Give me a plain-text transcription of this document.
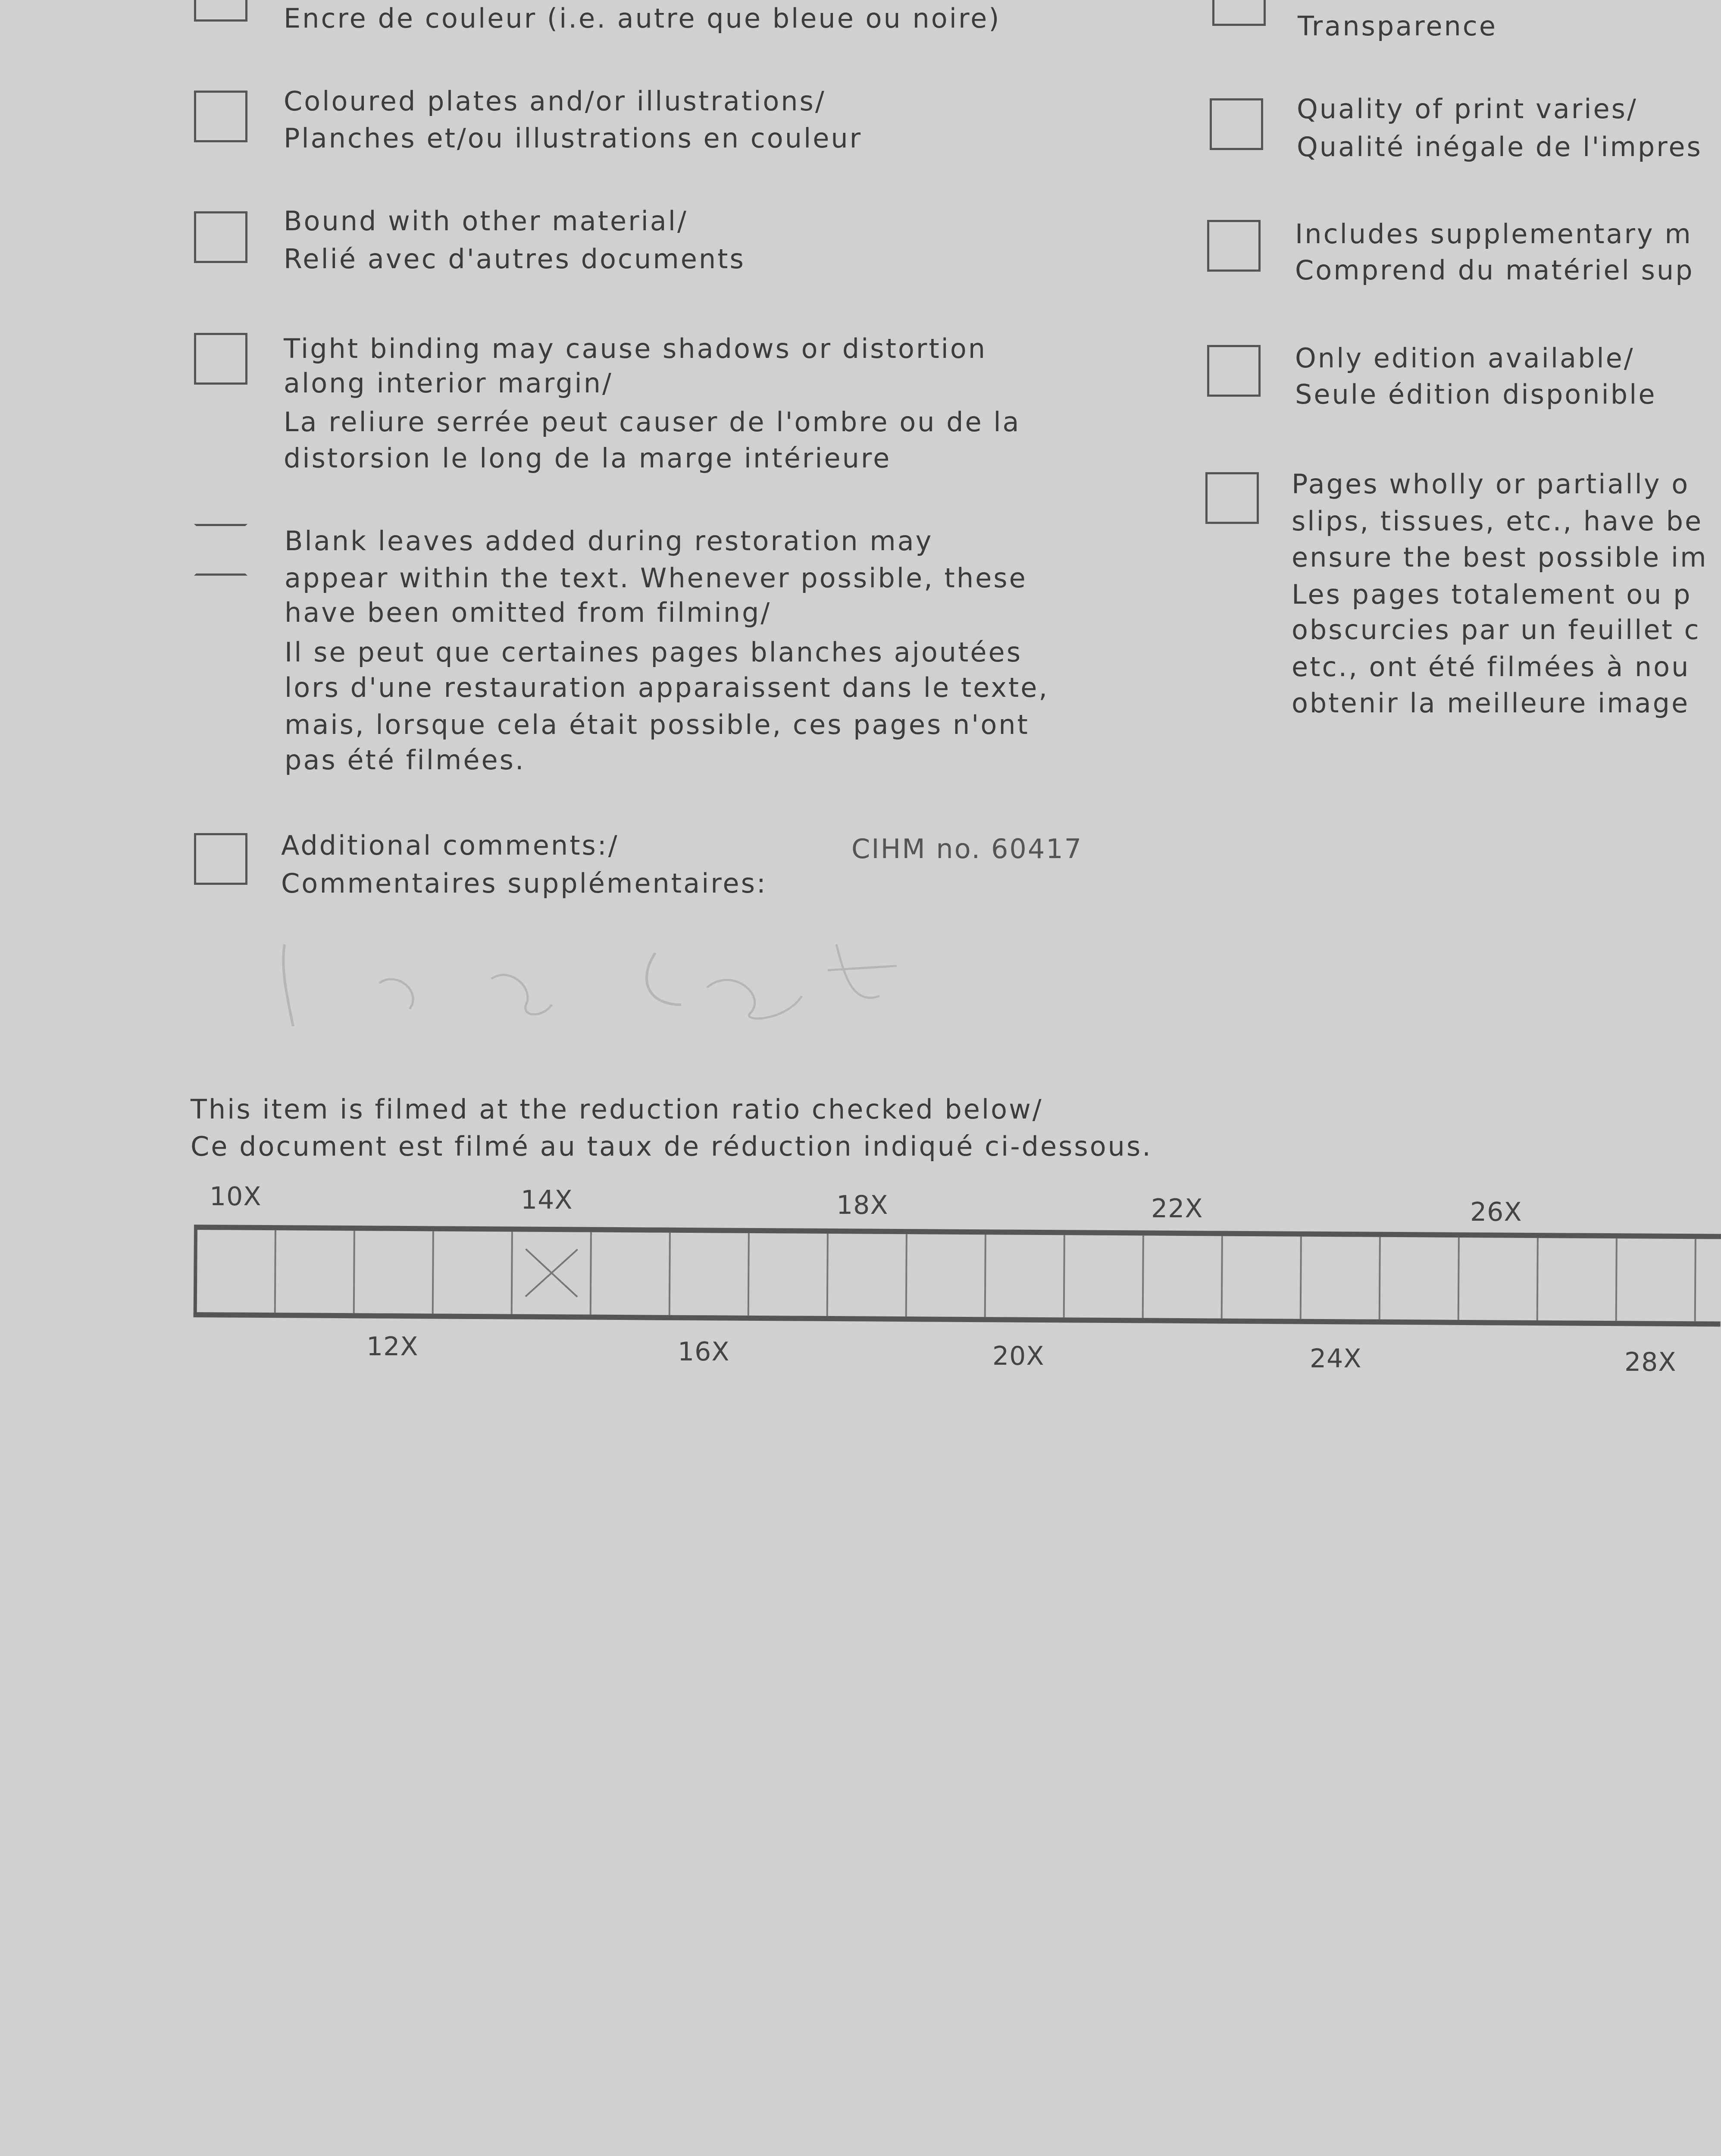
Encre de couleur (i.e. autre que bleue ou noire)
Coloured plates and/or illustrations/
Planches et/ou illustrations en couleur
Bound with other material/
Relié avec d'autres documents
Tight binding may cause shadows or distortion
along interior margin/
La reliure serrée peut causer de l'ombre ou de la
distorsion le long de la marge intérieure
Blank leaves added during restoration may
appear within the text. Whenever possible, these
have been omitted from filming/
Il se peut que certaines pages blanches ajoutées
lors d'une restauration apparaissent dans le texte,
mais, lorsque cela était possible, ces pages n'ont
pas été filmées.
Additional comments:/
Commentaires supplémentaires:
CIHM no. 60417
Transparence
Quality of print varies/
Qualité inégale de l'impres
Includes supplementary m
Comprend du matériel sup
Only edition available/
Seule édition disponible
Pages wholly or partially o
slips, tissues, etc., have be
ensure the best possible im
Les pages totalement ou p
obscurcies par un feuillet c
etc., ont été filmées à nou
obtenir la meilleure image
This item is filmed at the reduction ratio checked below/
Ce document est filmé au taux de réduction indiqué ci-dessous.
10X	14X	18X	22X	26X
12X	16X	20X	24X	28X
